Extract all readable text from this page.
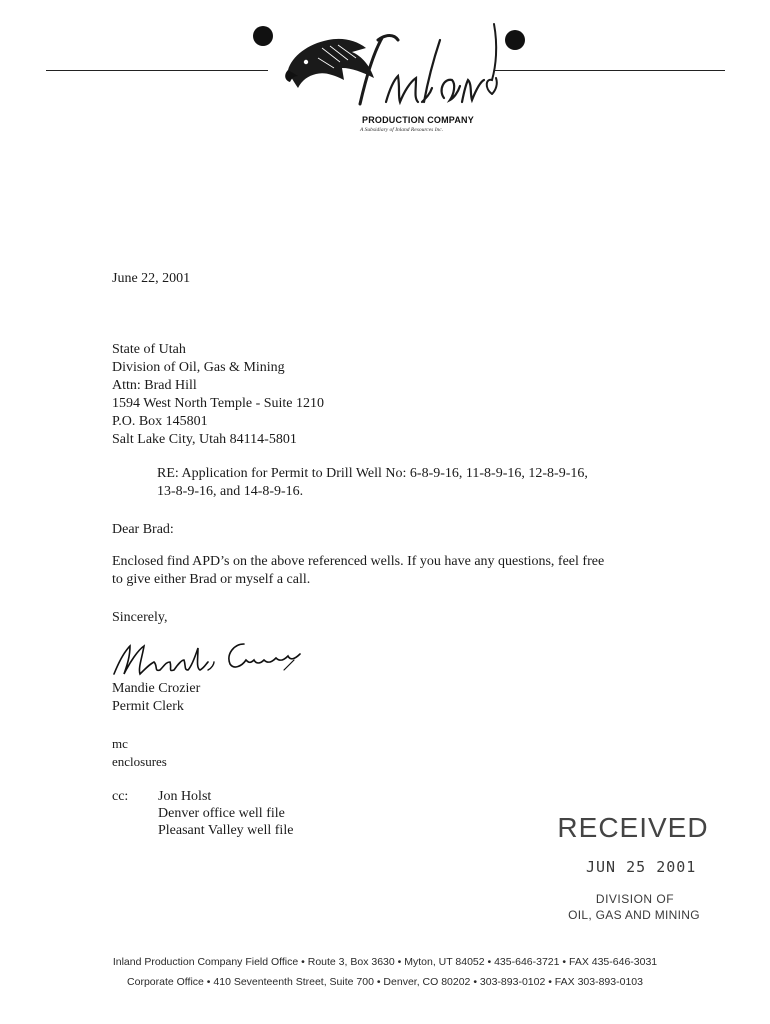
PRODUCTION COMPANY
A Subsidiary of Inland Resources Inc.
June 22, 2001
State of Utah
Division of Oil, Gas & Mining
Attn: Brad Hill
1594 West North Temple - Suite 1210
P.O. Box 145801
Salt Lake City, Utah 84114-5801
RE: Application for Permit to Drill Well No: 6-8-9-16, 11-8-9-16, 12-8-9-16,
13-8-9-16, and 14-8-9-16.
Dear Brad:
Enclosed find APD’s on the above referenced wells. If you have any questions, feel free
to give either Brad or myself a call.
Sincerely,
Mandie Crozier
Permit Clerk
mc
enclosures
cc: Jon Holst
Denver office well file
Pleasant Valley well file	RECEIVED
JUN 25 2001
DIVISION OF
OIL, GAS AND MINING
Inland Production Company Field Office • Route 3, Box 3630 • Myton, UT 84052 • 435-646-3721 • FAX 435-646-3031
Corporate Office • 410 Seventeenth Street, Suite 700 • Denver, CO 80202 • 303-893-0102 • FAX 303-893-0103
